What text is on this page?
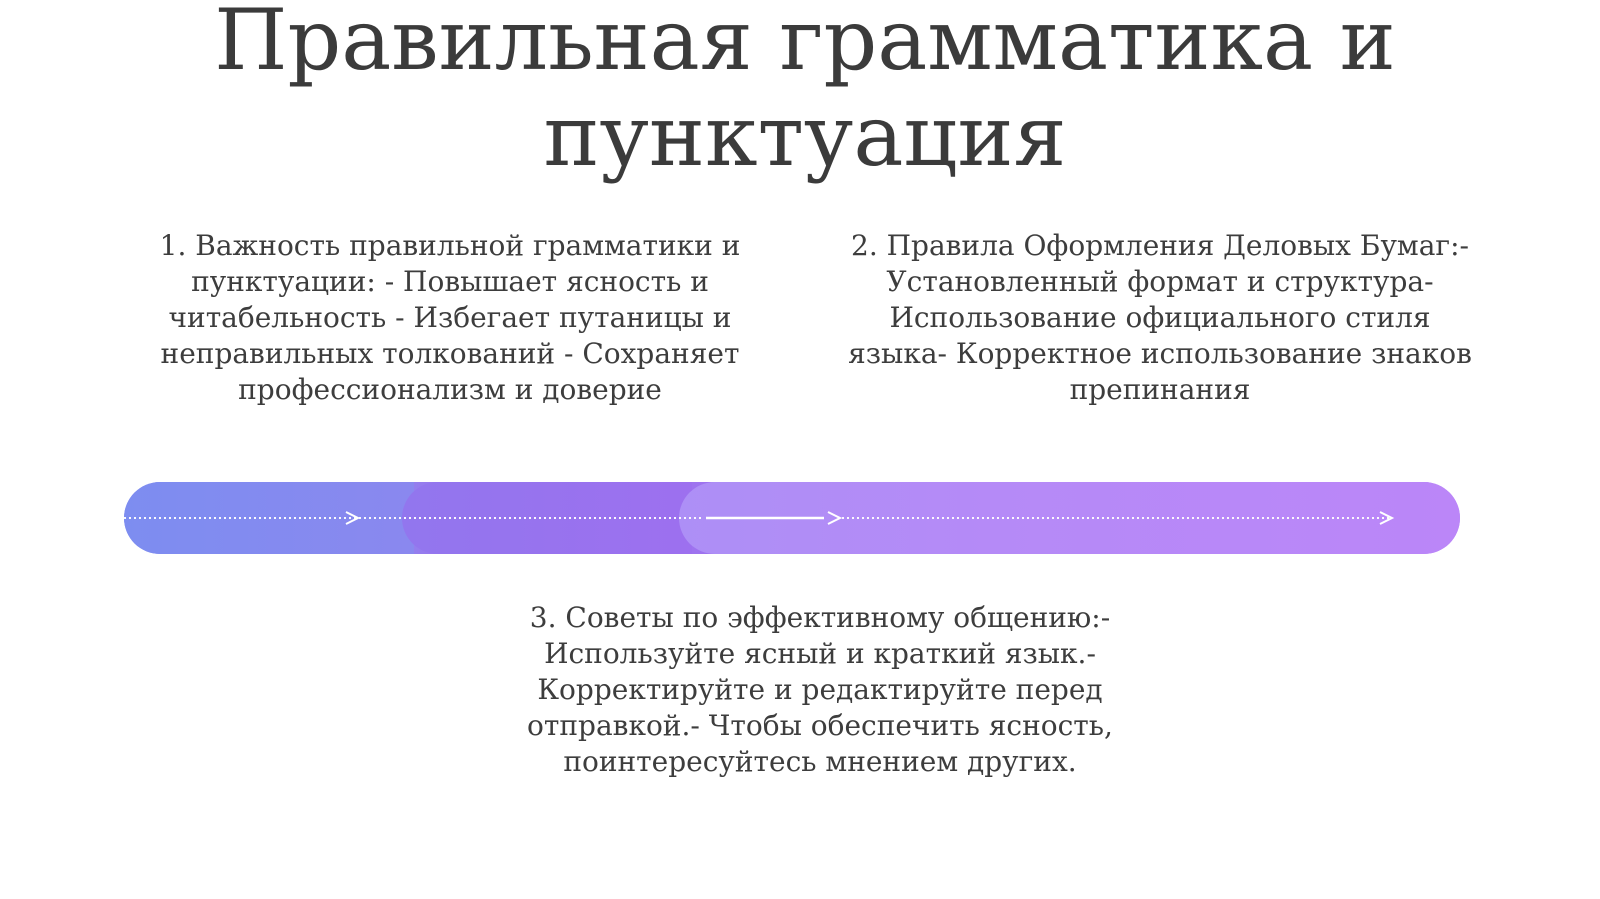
Правильная грамматика и пунктуация

1. Важность правильной грамматики и пунктуации: - Повышает ясность и читабельность - Избегает путаницы и неправильных толкований - Сохраняет профессионализм и доверие

2. Правила Оформления Деловых Бумаг:- Установленный формат и структура- Использование официального стиля языка- Корректное использование знаков препинания

3. Советы по эффективному общению:- Используйте ясный и краткий язык.- Корректируйте и редактируйте перед отправкой.- Чтобы обеспечить ясность, поинтересуйтесь мнением других.
